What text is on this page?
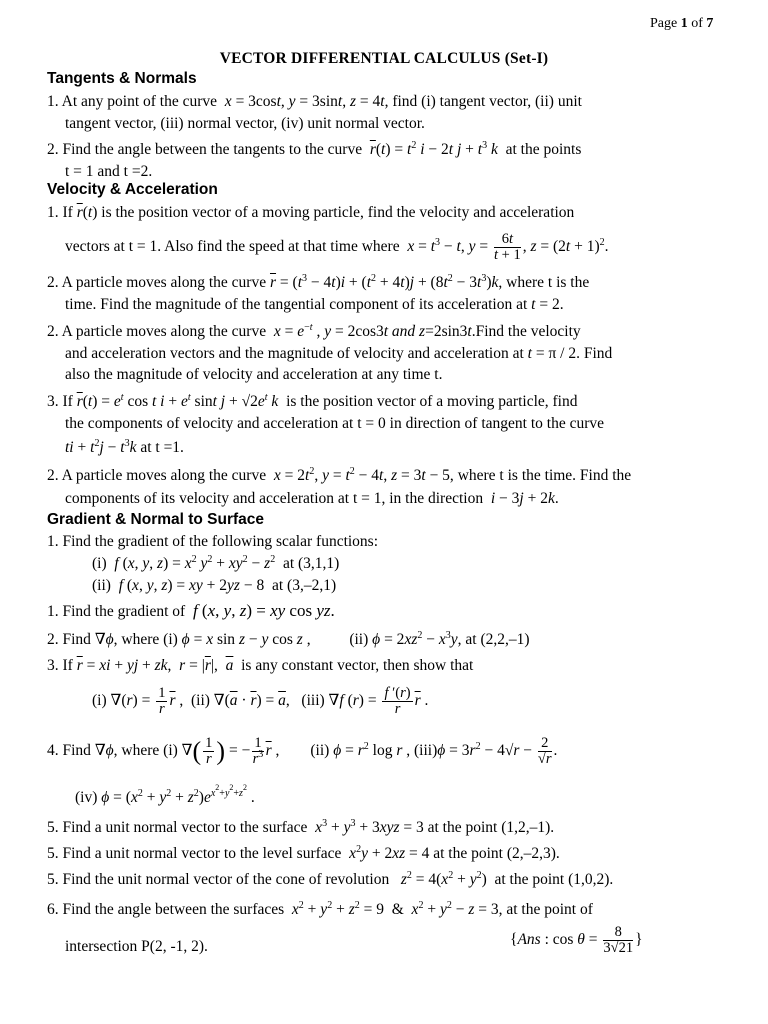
Page 1 of 7
VECTOR DIFFERENTIAL CALCULUS (Set-I)
Tangents & Normals
1. At any point of the curve x = 3cost, y = 3sint, z = 4t, find (i) tangent vector, (ii) unit
tangent vector, (iii) normal vector, (iv) unit normal vector.
2. Find the angle between the tangents to the curve $\overline{r}(t) = t^2$ i − 2t $j + t^3$ k at the points
t = 1 and t =2.
Velocity & Acceleration
1. If $\overline{r}(t)$ is the position vector of a moving particle, find the velocity and acceleration
vectors at t = 1. Also find the speed at that time where $x = t^3 - t$, $y = \frac{6t}{t + 1}$ , $z = (2t + 1)^2$.
2. A particle moves along the curve $\overline{r} = (t^3 - 4t)i + (t^2 + 4t)j + (8t^2 - 3t^3)k$, where t is the
time. Find the magnitude of the tangential component of its acceleration at t = 2.
2. A particle moves along the curve $x = e^{-t}$ , y = 2cos3t and z=2sin3t.Find the velocity
and acceleration vectors and the magnitude of velocity and acceleration at t = π / 2. Find
also the magnitude of velocity and acceleration at any time t.
3. If $\overline{r}(t) = e^t$ cos t $i + e^t$ sint $j + √2e^t$ k is the position vector of a moving particle, find
the components of velocity and acceleration at t = 0 in direction of tangent to the curve
ti + $t^2j - t^3k$ at t =1.
2. A particle moves along the curve $x = 2t^2$, $y = t^2 - 4t$, z = 3t − 5, where t is the time. Find the
components of its velocity and acceleration at t = 1, in the direction i − 3j + 2k.
Gradient & Normal to Surface
1. Find the gradient of the following scalar functions:
(i) f (x, y, $z) = x^2$ $y^2 + xy^2 - z^2$ at (3,1,1)
(ii) f (x, y, z) = xy + 2yz − 8  at (3,–2,1)
1. Find the gradient of f (x, y, z) = xy cos yz.
2. Find ∇ϕ, where (i) ϕ = x sin z − y cos z ,          (ii) $\phi = 2xz^2 - x^3y$, at (2,2,–1)
3. If $\overline{r}$ = xi + yj + zk,  $r = |\overline{r}|$,  $\overline{a}$ is any constant vector, then show that
(i) $\nabla(r) = \frac{1}{r} \overline{r}$ ,  (ii) $\nabla(\overline{a} \cdot \overline{r}) = \overline{a}$,   (iii) ∇f $(r) = \frac{f '(r)}{r} \overline{r}$ .
4. Find ∇ϕ, where (i) ∇( $\frac{1}{r}$ ) = − $\frac{1}{r^3} \overline{r}$ ,        (ii) $\phi = r^2$ log r , $(iii)\phi = 3r^2 - 4√r - \frac{2}{√r}$ .
(iv) $\phi = (x^2 + y^2 + z^2)e^{x^2+y^2+z^2}$ .
5. Find a unit normal vector to the surface $x^3 + y^3 + 3xyz = 3$ at the point (1,2,–1).
5. Find a unit normal vector to the level surface $x^2y + 2xz = 4$ at the point (2,–2,3).
5. Find the unit normal vector of the cone of revolution $z^2 = 4(x^2 + y^2)$  at the point (1,0,2).
6. Find the angle between the surfaces $x^2 + y^2 + z^2 = 9$  &  $x^2 + y^2 - z = 3$, at the point of
intersection P(2, -1, 2).	{Ans : $\cos \theta = \frac{8}{3√21}$ }
